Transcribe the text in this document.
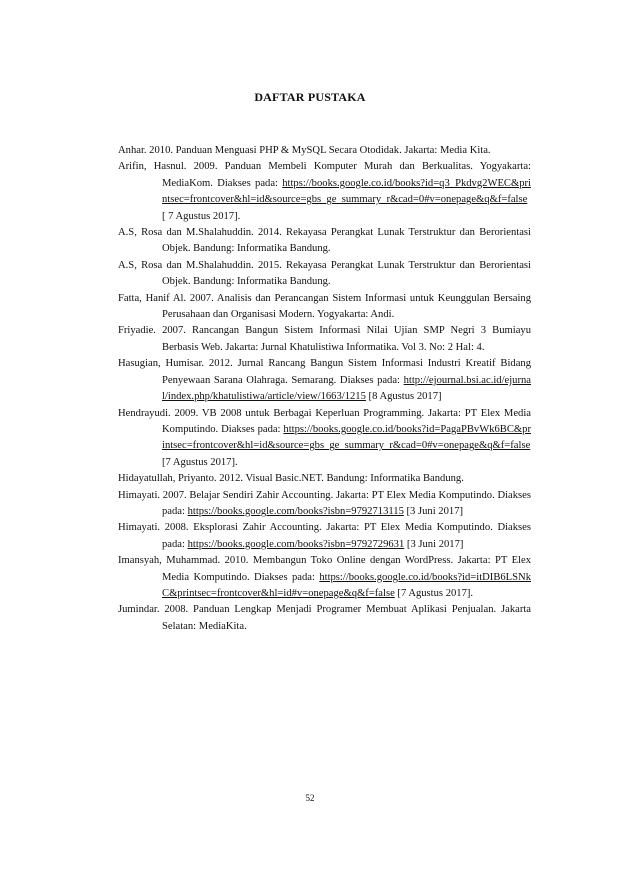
DAFTAR PUSTAKA

Anhar. 2010. Panduan Menguasi PHP & MySQL Secara Otodidak. Jakarta: Media Kita.

Arifin, Hasnul. 2009. Panduan Membeli Komputer Murah dan Berkualitas. Yogyakarta: MediaKom. Diakses pada: https://books.google.co.id/books?id=q3_Pkdvg2WEC&printsec=frontcover&hl=id&source=gbs_ge_summary_r&cad=0#v=onepage&q&f=false [ 7 Agustus 2017].

A.S, Rosa dan M.Shalahuddin. 2014. Rekayasa Perangkat Lunak Terstruktur dan Berorientasi Objek. Bandung: Informatika Bandung.

A.S, Rosa dan M.Shalahuddin. 2015. Rekayasa Perangkat Lunak Terstruktur dan Berorientasi Objek. Bandung: Informatika Bandung.

Fatta, Hanif Al. 2007. Analisis dan Perancangan Sistem Informasi untuk Keunggulan Bersaing Perusahaan dan Organisasi Modern. Yogyakarta: Andi.

Friyadie. 2007. Rancangan Bangun Sistem Informasi Nilai Ujian SMP Negri 3 Bumiayu Berbasis Web. Jakarta: Jurnal Khatulistiwa Informatika. Vol 3. No: 2 Hal: 4.

Hasugian, Humisar. 2012. Jurnal Rancang Bangun Sistem Informasi Industri Kreatif Bidang Penyewaan Sarana Olahraga. Semarang. Diakses pada: http://ejournal.bsi.ac.id/ejurnal/index.php/khatulistiwa/article/view/1663/1215 [8 Agustus 2017]

Hendrayudi. 2009. VB 2008 untuk Berbagai Keperluan Programming. Jakarta: PT Elex Media Komputindo. Diakses pada: https://books.google.co.id/books?id=PagaPBvWk6BC&printsec=frontcover&hl=id&source=gbs_ge_summary_r&cad=0#v=onepage&q&f=false [7 Agustus 2017].

Hidayatullah, Priyanto. 2012. Visual Basic.NET. Bandung: Informatika Bandung.

Himayati. 2007. Belajar Sendiri Zahir Accounting. Jakarta: PT Elex Media Komputindo. Diakses pada: https://books.google.com/books?isbn=9792713115 [3 Juni 2017]

Himayati. 2008. Eksplorasi Zahir Accounting. Jakarta: PT Elex Media Komputindo. Diakses pada: https://books.google.com/books?isbn=9792729631 [3 Juni 2017]

Imansyah, Muhammad. 2010. Membangun Toko Online dengan WordPress. Jakarta: PT Elex Media Komputindo. Diakses pada: https://books.google.co.id/books?id=itDIB6LSNkC&printsec=frontcover&hl=id#v=onepage&q&f=false [7 Agustus 2017].

Jumindar. 2008. Panduan Lengkap Menjadi Programer Membuat Aplikasi Penjualan. Jakarta Selatan: MediaKita.

52
